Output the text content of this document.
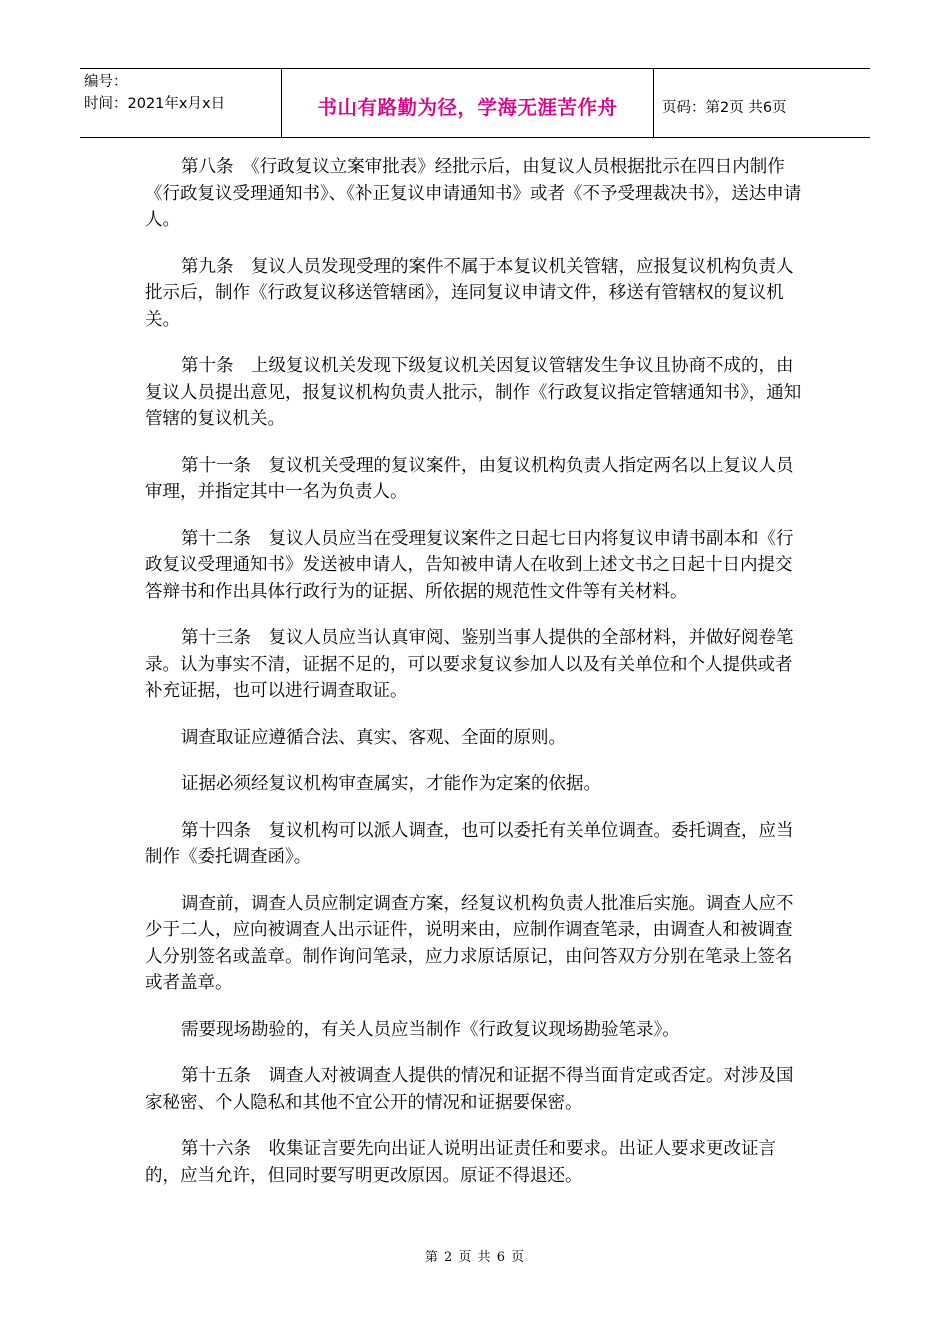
编号：
时间：2021年x月x日	书山有路勤为径，学海无涯苦作舟	页码：第2页 共6页

第八条　《行政复议立案审批表》经批示后，由复议人员根据批示在四日内制作《行政复议受理通知书》、《补正复议申请通知书》或者《不予受理裁决书》，送达申请人。

第九条　复议人员发现受理的案件不属于本复议机关管辖，应报复议机构负责人批示后，制作《行政复议移送管辖函》，连同复议申请文件，移送有管辖权的复议机关。

第十条　上级复议机关发现下级复议机关因复议管辖发生争议且协商不成的，由复议人员提出意见，报复议机构负责人批示，制作《行政复议指定管辖通知书》，通知管辖的复议机关。

第十一条　复议机关受理的复议案件，由复议机构负责人指定两名以上复议人员审理，并指定其中一名为负责人。

第十二条　复议人员应当在受理复议案件之日起七日内将复议申请书副本和《行政复议受理通知书》发送被申请人，告知被申请人在收到上述文书之日起十日内提交答辩书和作出具体行政行为的证据、所依据的规范性文件等有关材料。

第十三条　复议人员应当认真审阅、鉴别当事人提供的全部材料，并做好阅卷笔录。认为事实不清，证据不足的，可以要求复议参加人以及有关单位和个人提供或者补充证据，也可以进行调查取证。

调查取证应遵循合法、真实、客观、全面的原则。

证据必须经复议机构审查属实，才能作为定案的依据。

第十四条　复议机构可以派人调查，也可以委托有关单位调查。委托调查，应当制作《委托调查函》。

调查前，调查人员应制定调查方案，经复议机构负责人批准后实施。调查人应不少于二人，应向被调查人出示证件，说明来由，应制作调查笔录，由调查人和被调查人分别签名或盖章。制作询问笔录，应力求原话原记，由问答双方分别在笔录上签名或者盖章。

需要现场勘验的，有关人员应当制作《行政复议现场勘验笔录》。

第十五条　调查人对被调查人提供的情况和证据不得当面肯定或否定。对涉及国家秘密、个人隐私和其他不宜公开的情况和证据要保密。

第十六条　收集证言要先向出证人说明出证责任和要求。出证人要求更改证言的，应当允许，但同时要写明更改原因。原证不得退还。

第 2 页 共 6 页
